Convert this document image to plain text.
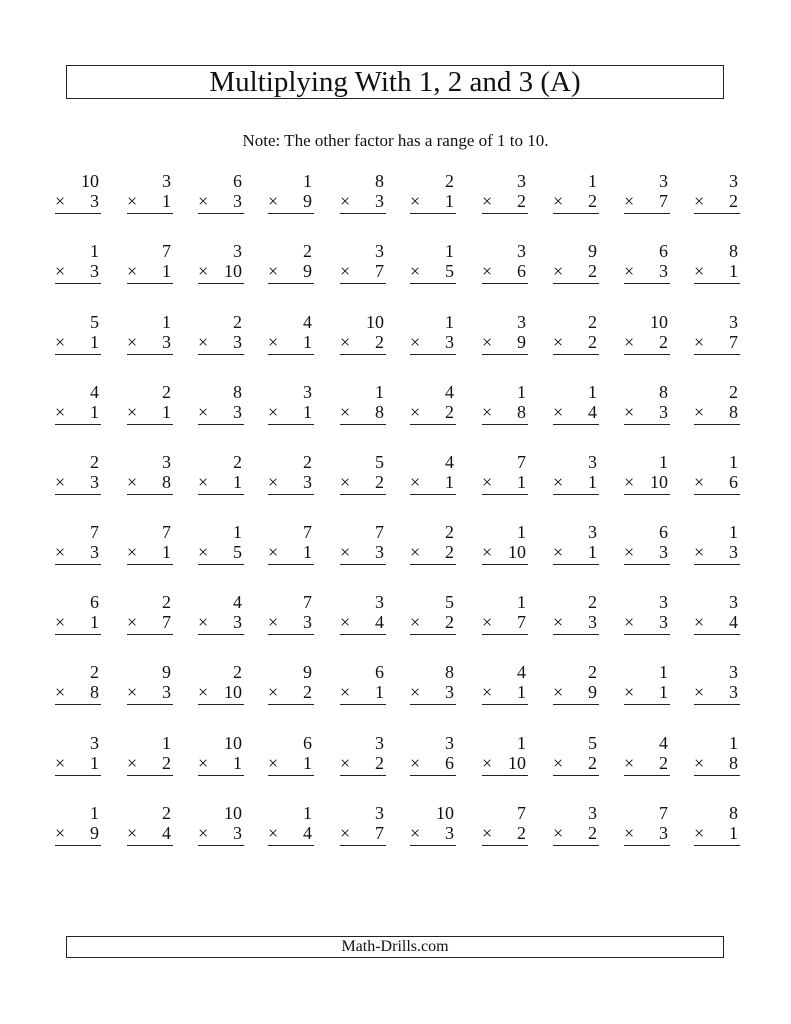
Multiplying With 1, 2 and 3 (A)
Note: The other factor has a range of 1 to 10.
10
× 3
3
× 1
6
× 3
1
× 9
8
× 3
2
× 1
3
× 2
1
× 2
3
× 7
3
× 2
1
× 3
7
× 1
3
× 10
2
× 9
3
× 7
1
× 5
3
× 6
9
× 2
6
× 3
8
× 1
5
× 1
1
× 3
2
× 3
4
× 1
10
× 2
1
× 3
3
× 9
2
× 2
10
× 2
3
× 7
4
× 1
2
× 1
8
× 3
3
× 1
1
× 8
4
× 2
1
× 8
1
× 4
8
× 3
2
× 8
2
× 3
3
× 8
2
× 1
2
× 3
5
× 2
4
× 1
7
× 1
3
× 1
1
× 10
1
× 6
7
× 3
7
× 1
1
× 5
7
× 1
7
× 3
2
× 2
1
× 10
3
× 1
6
× 3
1
× 3
6
× 1
2
× 7
4
× 3
7
× 3
3
× 4
5
× 2
1
× 7
2
× 3
3
× 3
3
× 4
2
× 8
9
× 3
2
× 10
9
× 2
6
× 1
8
× 3
4
× 1
2
× 9
1
× 1
3
× 3
3
× 1
1
× 2
10
× 1
6
× 1
3
× 2
3
× 6
1
× 10
5
× 2
4
× 2
1
× 8
1
× 9
2
× 4
10
× 3
1
× 4
3
× 7
10
× 3
7
× 2
3
× 2
7
× 3
8
× 1
Math-Drills.com
